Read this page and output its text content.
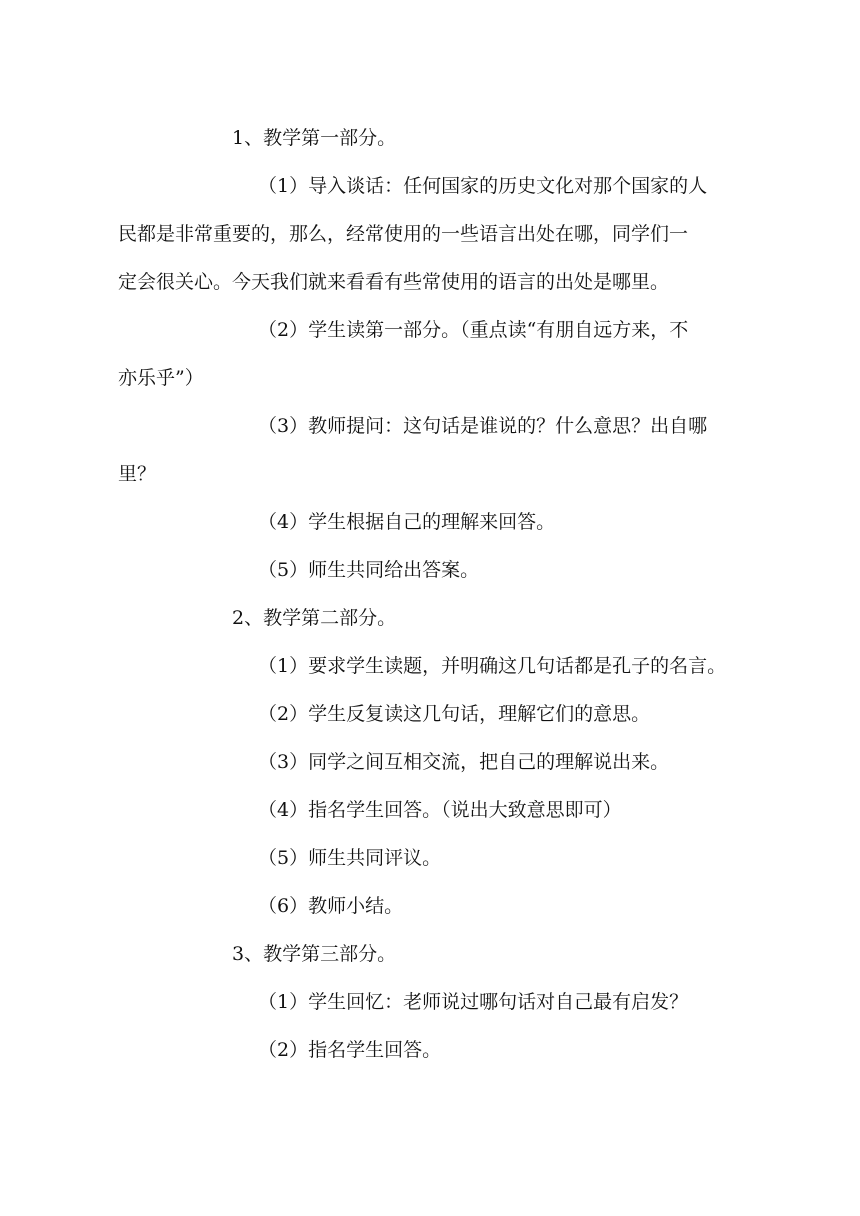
1、教学第一部分。
（1）导入谈话：任何国家的历史文化对那个国家的人
民都是非常重要的，那么，经常使用的一些语言出处在哪，同学们一
定会很关心。今天我们就来看看有些常使用的语言的出处是哪里。
（2）学生读第一部分。（重点读“有朋自远方来，不
亦乐乎”）
（3）教师提问：这句话是谁说的？什么意思？出自哪
里？
（4）学生根据自己的理解来回答。
（5）师生共同给出答案。
2、教学第二部分。
（1）要求学生读题，并明确这几句话都是孔子的名言。
（2）学生反复读这几句话，理解它们的意思。
（3）同学之间互相交流，把自己的理解说出来。
（4）指名学生回答。（说出大致意思即可）
（5）师生共同评议。
（6）教师小结。
3、教学第三部分。
（1）学生回忆：老师说过哪句话对自己最有启发？
（2）指名学生回答。
